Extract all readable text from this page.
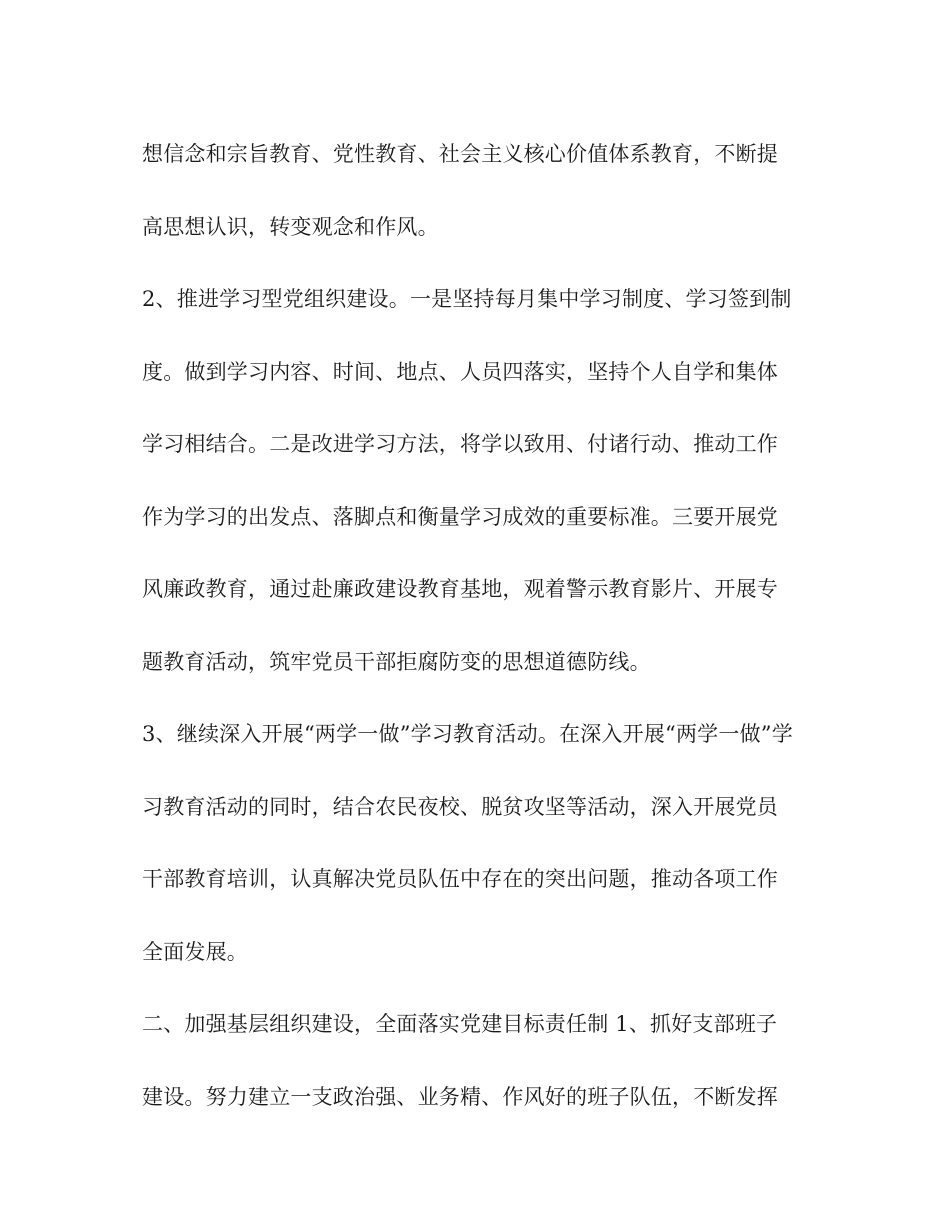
想信念和宗旨教育、党性教育、社会主义核心价值体系教育，不断提
高思想认识，转变观念和作风。
2、推进学习型党组织建设。一是坚持每月集中学习制度、学习签到制
度。做到学习内容、时间、地点、人员四落实，坚持个人自学和集体
学习相结合。二是改进学习方法，将学以致用、付诸行动、推动工作
作为学习的出发点、落脚点和衡量学习成效的重要标准。三要开展党
风廉政教育，通过赴廉政建设教育基地，观着警示教育影片、开展专
题教育活动，筑牢党员干部拒腐防变的思想道德防线。
3、继续深入开展“两学一做”学习教育活动。在深入开展“两学一做”学
习教育活动的同时，结合农民夜校、脱贫攻坚等活动，深入开展党员
干部教育培训，认真解决党员队伍中存在的突出问题，推动各项工作
全面发展。
二、加强基层组织建设，全面落实党建目标责任制 1、抓好支部班子
建设。努力建立一支政治强、业务精、作风好的班子队伍，不断发挥
